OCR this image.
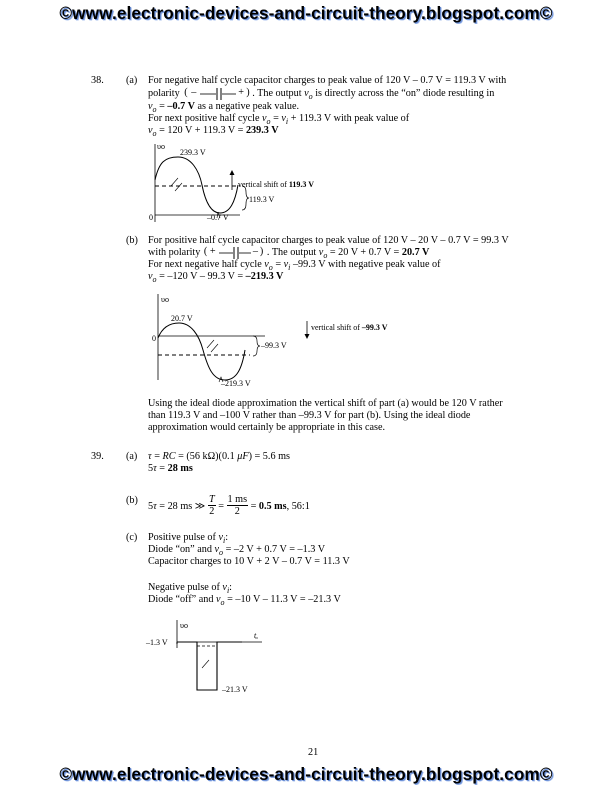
©www.electronic-devices-and-circuit-theory.blogspot.com©
©www.electronic-devices-and-circuit-theory.blogspot.com©
38. (a) For negative half cycle capacitor charges to peak value of 120 V – 0.7 V = 119.3 V with
polarity ( –	+ ) . The output $v_o$ is directly across the “on” diode resulting in
$v_o = -0.7$ V as a negative peak value.
For next positive half cycle $v_o = v_i + 119.3$ V with peak value of
$v_o = 120$ V + 119.3 V = 239.3 V
υo
239.3 V
119.3 V
–0.7 V
0
vertical shift of 119.3 V
(b) For positive half cycle capacitor charges to peak value of 120 V – 20 V – 0.7 V = 99.3 V
with polarity ( +	– ) . The output $v_o = 20$ V + 0.7 V = 20.7 V
For next negative half cycle $v_o = v_i$ –99.3 V with negative peak value of
$v_o = -120$ V – 99.3 V = –219.3 V
υo
20.7 V
–99.3 V
–219.3 V
0
vertical shift of –99.3 V
Using the ideal diode approximation the vertical shift of part (a) would be 120 V rather
than 119.3 V and –100 V rather than –99.3 V for part (b). Using the ideal diode
approximation would certainly be appropriate in this case.
39. (a) τ = RC = (56 kΩ)(0.1 μF) = 5.6 ms
5τ = 28 ms
(b)
5τ = 28 ms ≫ $\frac{T}{2} = \frac{1 ms}{2} = 0.5$ ms, 56:1
(c) Positive pulse of $v_i$:
Diode “on” and $v_o = -2$ V + 0.7 V = –1.3 V
Capacitor charges to 10 V + 2 V – 0.7 V = 11.3 V
Negative pulse of $v_i$:
Diode “off” and $v_o = -10$ V – 11.3 V = –21.3 V
υo
–1.3 V
–21.3 V
t
21
